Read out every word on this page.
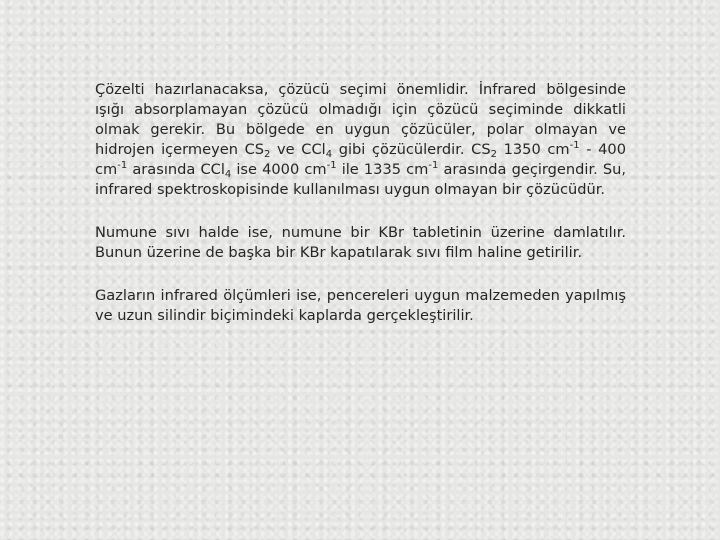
Çözelti hazırlanacaksa, çözücü seçimi önemlidir. İnfrared bölgesinde ışığı absorplamayan çözücü olmadığı için çözücü seçiminde dikkatli olmak gerekir. Bu bölgede en uygun çözücüler, polar olmayan ve hidrojen içermeyen $CS_2$ ve CCl$_4$ gibi çözücülerdir. $CS_2$ 1350 $cm^{-1} - 400$ $cm^{-1}$ arasında CCl$_4$ ise 4000 $cm^{-1}$ ile 1335 $cm^{-1}$ arasında geçirgendir. Su, infrared spektroskopisinde kullanılması uygun olmayan bir çözücüdür.

Numune sıvı halde ise, numune bir KBr tabletinin üzerine damlatılır. Bunun üzerine de başka bir KBr kapatılarak sıvı film haline getirilir.

Gazların infrared ölçümleri ise, pencereleri uygun malzemeden yapılmış ve uzun silindir biçimindeki kaplarda gerçekleştirilir.
